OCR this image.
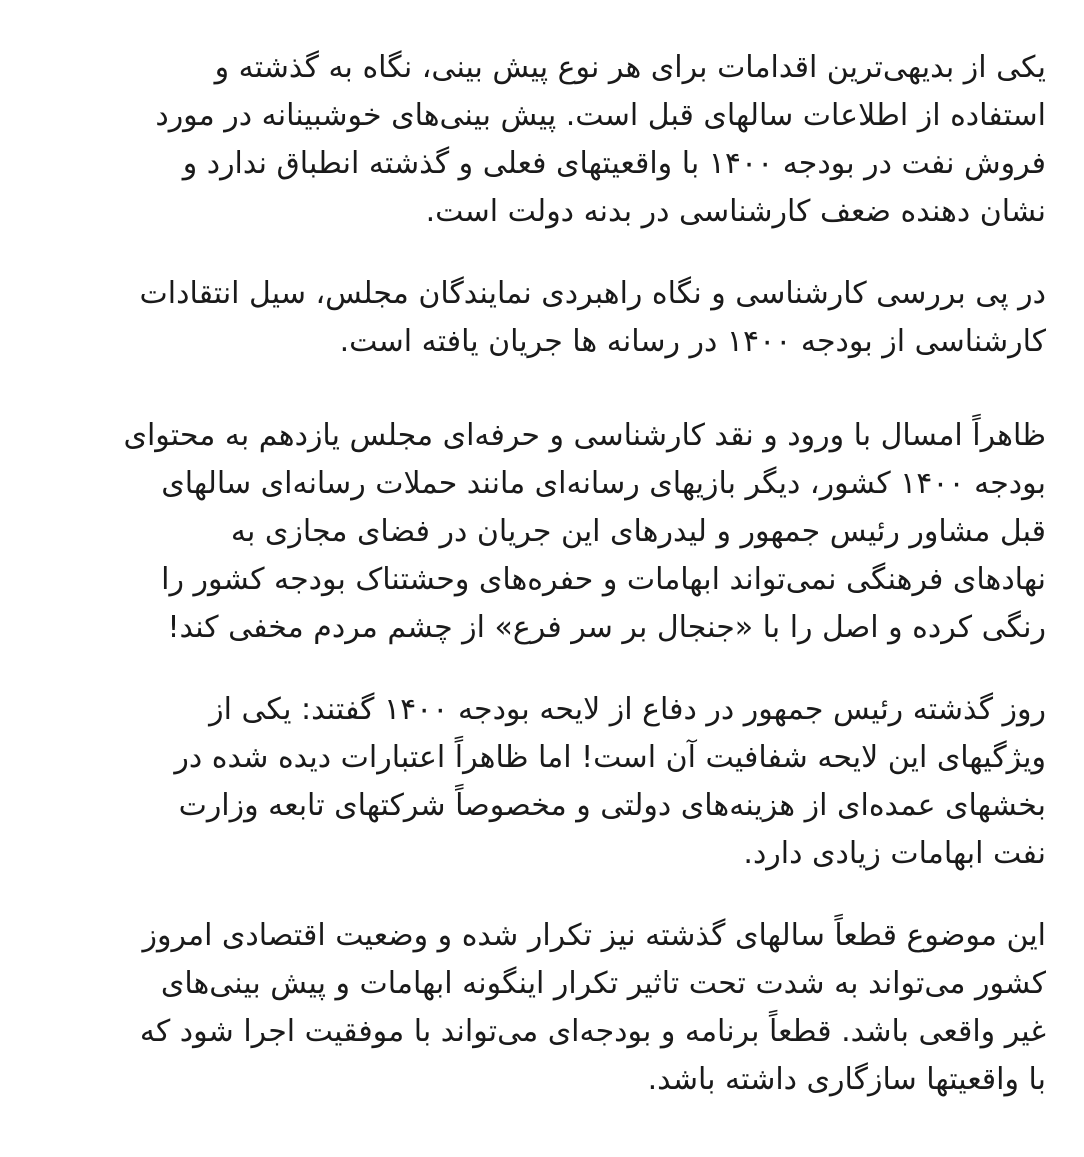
یکی از بدیهی‌ترین اقدامات برای هر نوع پیش بینی، نگاه به گذشته و
استفاده از اطلاعات سالهای قبل است. پیش بینی‌های خوشبینانه در مورد
فروش نفت در بودجه ۱۴۰۰ با واقعیتهای فعلی و گذشته انطباق ندارد و
نشان دهنده ضعف کارشناسی در بدنه دولت است.

در پی بررسی کارشناسی و نگاه راهبردی نمایندگان مجلس، سیل انتقادات
کارشناسی از بودجه ۱۴۰۰ در رسانه ها جریان یافته است.

ظاهراً امسال با ورود و نقد کارشناسی و حرفه‌ای مجلس یازدهم به محتوای
بودجه ۱۴۰۰ کشور، دیگر بازیهای رسانه‌ای مانند حملات رسانه‌ای سالهای
قبل مشاور رئیس جمهور و لیدرهای این جریان در فضای مجازی به
نهادهای فرهنگی نمی‌تواند ابهامات و حفره‌های وحشتناک بودجه کشور را
رنگی کرده و اصل را با «جنجال بر سر فرع» از چشم مردم مخفی کند!

روز گذشته رئیس جمهور در دفاع از لایحه بودجه ۱۴۰۰ گفتند: یکی از
ویژگیهای این لایحه شفافیت آن است! اما ظاهراً اعتبارات دیده شده در
بخشهای عمده‌ای از هزینه‌های دولتی و مخصوصاً شرکتهای تابعه وزارت
نفت ابهامات زیادی دارد.

این موضوع قطعاً سالهای گذشته نیز تکرار شده و وضعیت اقتصادی امروز
کشور می‌تواند به شدت تحت تاثیر تکرار اینگونه ابهامات و پیش بینی‌های
غیر واقعی باشد. قطعاً برنامه و بودجه‌ای می‌تواند با موفقیت اجرا شود که
با واقعیتها سازگاری داشته باشد.
